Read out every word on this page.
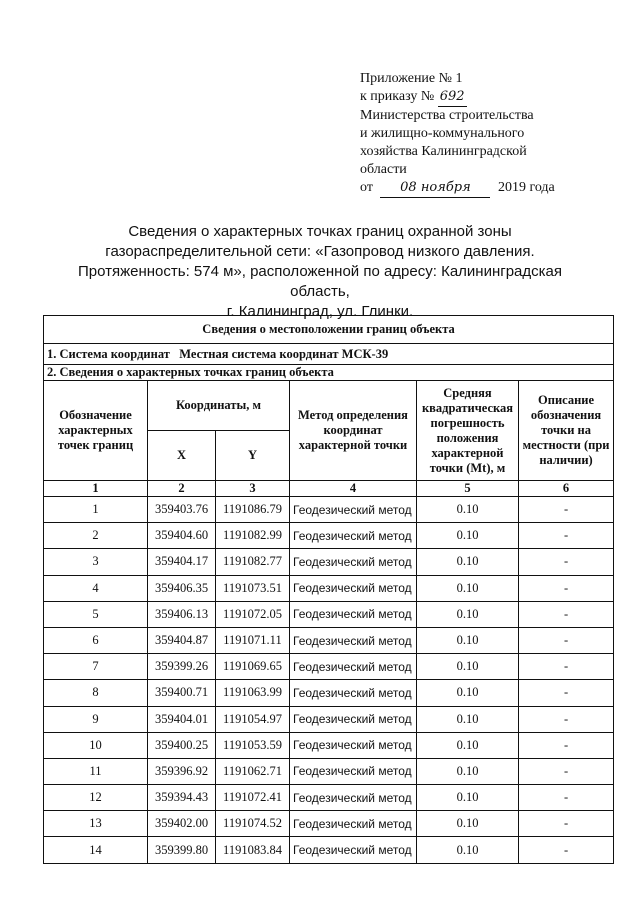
Приложение № 1
к приказу № 692
Министерства строительства
и жилищно-коммунального
хозяйства Калининградской
области
от 08 ноября 2019 года
Сведения о характерных точках границ охранной зоны
газораспределительной сети: «Газопровод низкого давления.
Протяженность: 574 м», расположенной по адресу: Калининградская область,
г. Калининград, ул. Глинки.
Сведения о местоположении границ объекта					
1. Система координат   Местная система координат МСК-39					
2. Сведения о характерных точках границ объекта					
Обозначение характерных точек границ	Координаты, м		Метод определения координат характерной точки	Средняя квадратическая погрешность положения характерной точки (Mt), м	Описание обозначения точки на местности (при наличии)
	X	Y			
1	2	3	4	5	6
1	359403.76	1191086.79	Геодезический метод	0.10	-
2	359404.60	1191082.99	Геодезический метод	0.10	-
3	359404.17	1191082.77	Геодезический метод	0.10	-
4	359406.35	1191073.51	Геодезический метод	0.10	-
5	359406.13	1191072.05	Геодезический метод	0.10	-
6	359404.87	1191071.11	Геодезический метод	0.10	-
7	359399.26	1191069.65	Геодезический метод	0.10	-
8	359400.71	1191063.99	Геодезический метод	0.10	-
9	359404.01	1191054.97	Геодезический метод	0.10	-
10	359400.25	1191053.59	Геодезический метод	0.10	-
11	359396.92	1191062.71	Геодезический метод	0.10	-
12	359394.43	1191072.41	Геодезический метод	0.10	-
13	359402.00	1191074.52	Геодезический метод	0.10	-
14	359399.80	1191083.84	Геодезический метод	0.10	-
